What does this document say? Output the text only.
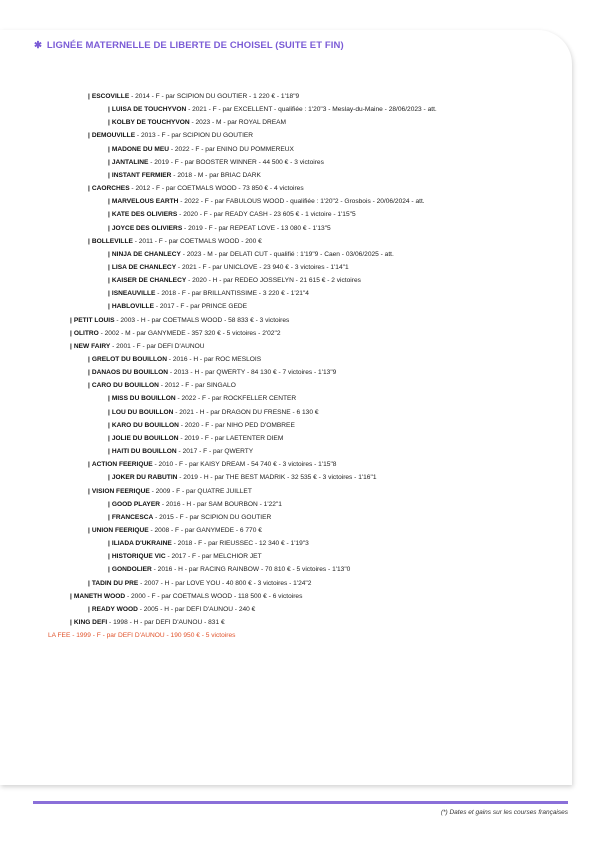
✱ LIGNÉE MATERNELLE DE LIBERTE DE CHOISEL (SUITE ET FIN)
| ESCOVILLE - 2014 - F - par SCIPION DU GOUTIER - 1 220 € - 1'18"9
| LUISA DE TOUCHYVON - 2021 - F - par EXCELLENT - qualifiée : 1'20"3 - Meslay-du-Maine - 28/06/2023 - att.
| KOLBY DE TOUCHYVON - 2023 - M - par ROYAL DREAM
| DEMOUVILLE - 2013 - F - par SCIPION DU GOUTIER
| MADONE DU MEU - 2022 - F - par ENINO DU POMMEREUX
| JANTALINE - 2019 - F - par BOOSTER WINNER - 44 500 € - 3 victoires
| INSTANT FERMIER - 2018 - M - par BRIAC DARK
| CAORCHES - 2012 - F - par COETMALS WOOD - 73 850 € - 4 victoires
| MARVELOUS EARTH - 2022 - F - par FABULOUS WOOD - qualifiée : 1'20"2 - Grosbois - 20/06/2024 - att.
| KATE DES OLIVIERS - 2020 - F - par READY CASH - 23 605 € - 1 victoire - 1'15"5
| JOYCE DES OLIVIERS - 2019 - F - par REPEAT LOVE - 13 080 € - 1'13"5
| BOLLEVILLE - 2011 - F - par COETMALS WOOD - 200 €
| NINJA DE CHANLECY - 2023 - M - par DELATI CUT - qualifié : 1'19"9 - Caen - 03/06/2025 - att.
| LISA DE CHANLECY - 2021 - F - par UNICLOVE - 23 940 € - 3 victoires - 1'14"1
| KAISER DE CHANLECY - 2020 - H - par REDEO JOSSELYN - 21 615 € - 2 victoires
| ISNEAUVILLE - 2018 - F - par BRILLANTISSIME - 3 220 € - 1'21"4
| HABLOVILLE - 2017 - F - par PRINCE GEDE
| PETIT LOUIS - 2003 - H - par COETMALS WOOD - 58 833 € - 3 victoires
| OLITRO - 2002 - M - par GANYMEDE - 357 320 € - 5 victoires - 2'02"2
| NEW FAIRY - 2001 - F - par DEFI D'AUNOU
| GRELOT DU BOUILLON - 2016 - H - par ROC MESLOIS
| DANAOS DU BOUILLON - 2013 - H - par QWERTY - 84 130 € - 7 victoires - 1'13"9
| CARO DU BOUILLON - 2012 - F - par SINGALO
| MISS DU BOUILLON - 2022 - F - par ROCKFELLER CENTER
| LOU DU BOUILLON - 2021 - H - par DRAGON DU FRESNE - 6 130 €
| KARO DU BOUILLON - 2020 - F - par NIHO PED D'OMBREE
| JOLIE DU BOUILLON - 2019 - F - par LAETENTER DIEM
| HAITI DU BOUILLON - 2017 - F - par QWERTY
| ACTION FEERIQUE - 2010 - F - par KAISY DREAM - 54 740 € - 3 victoires - 1'15"8
| JOKER DU RABUTIN - 2019 - H - par THE BEST MADRIK - 32 535 € - 3 victoires - 1'16"1
| VISION FEERIQUE - 2009 - F - par QUATRE JUILLET
| GOOD PLAYER - 2016 - H - par SAM BOURBON - 1'22"1
| FRANCESCA - 2015 - F - par SCIPION DU GOUTIER
| UNION FEERIQUE - 2008 - F - par GANYMEDE - 6 770 €
| ILIADA D'UKRAINE - 2018 - F - par RIEUSSEC - 12 340 € - 1'19"3
| HISTORIQUE VIC - 2017 - F - par MELCHIOR JET
| GONDOLIER - 2016 - H - par RACING RAINBOW - 70 810 € - 5 victoires - 1'13"0
| TADIN DU PRE - 2007 - H - par LOVE YOU - 40 800 € - 3 victoires - 1'24"2
| MANETH WOOD - 2000 - F - par COETMALS WOOD - 118 500 € - 6 victoires
| READY WOOD - 2005 - H - par DEFI D'AUNOU - 240 €
| KING DEFI - 1998 - H - par DEFI D'AUNOU - 831 €
LA FEE - 1999 - F - par DEFI D'AUNOU - 190 950 € - 5 victoires
(*) Dates et gains sur les courses françaises
